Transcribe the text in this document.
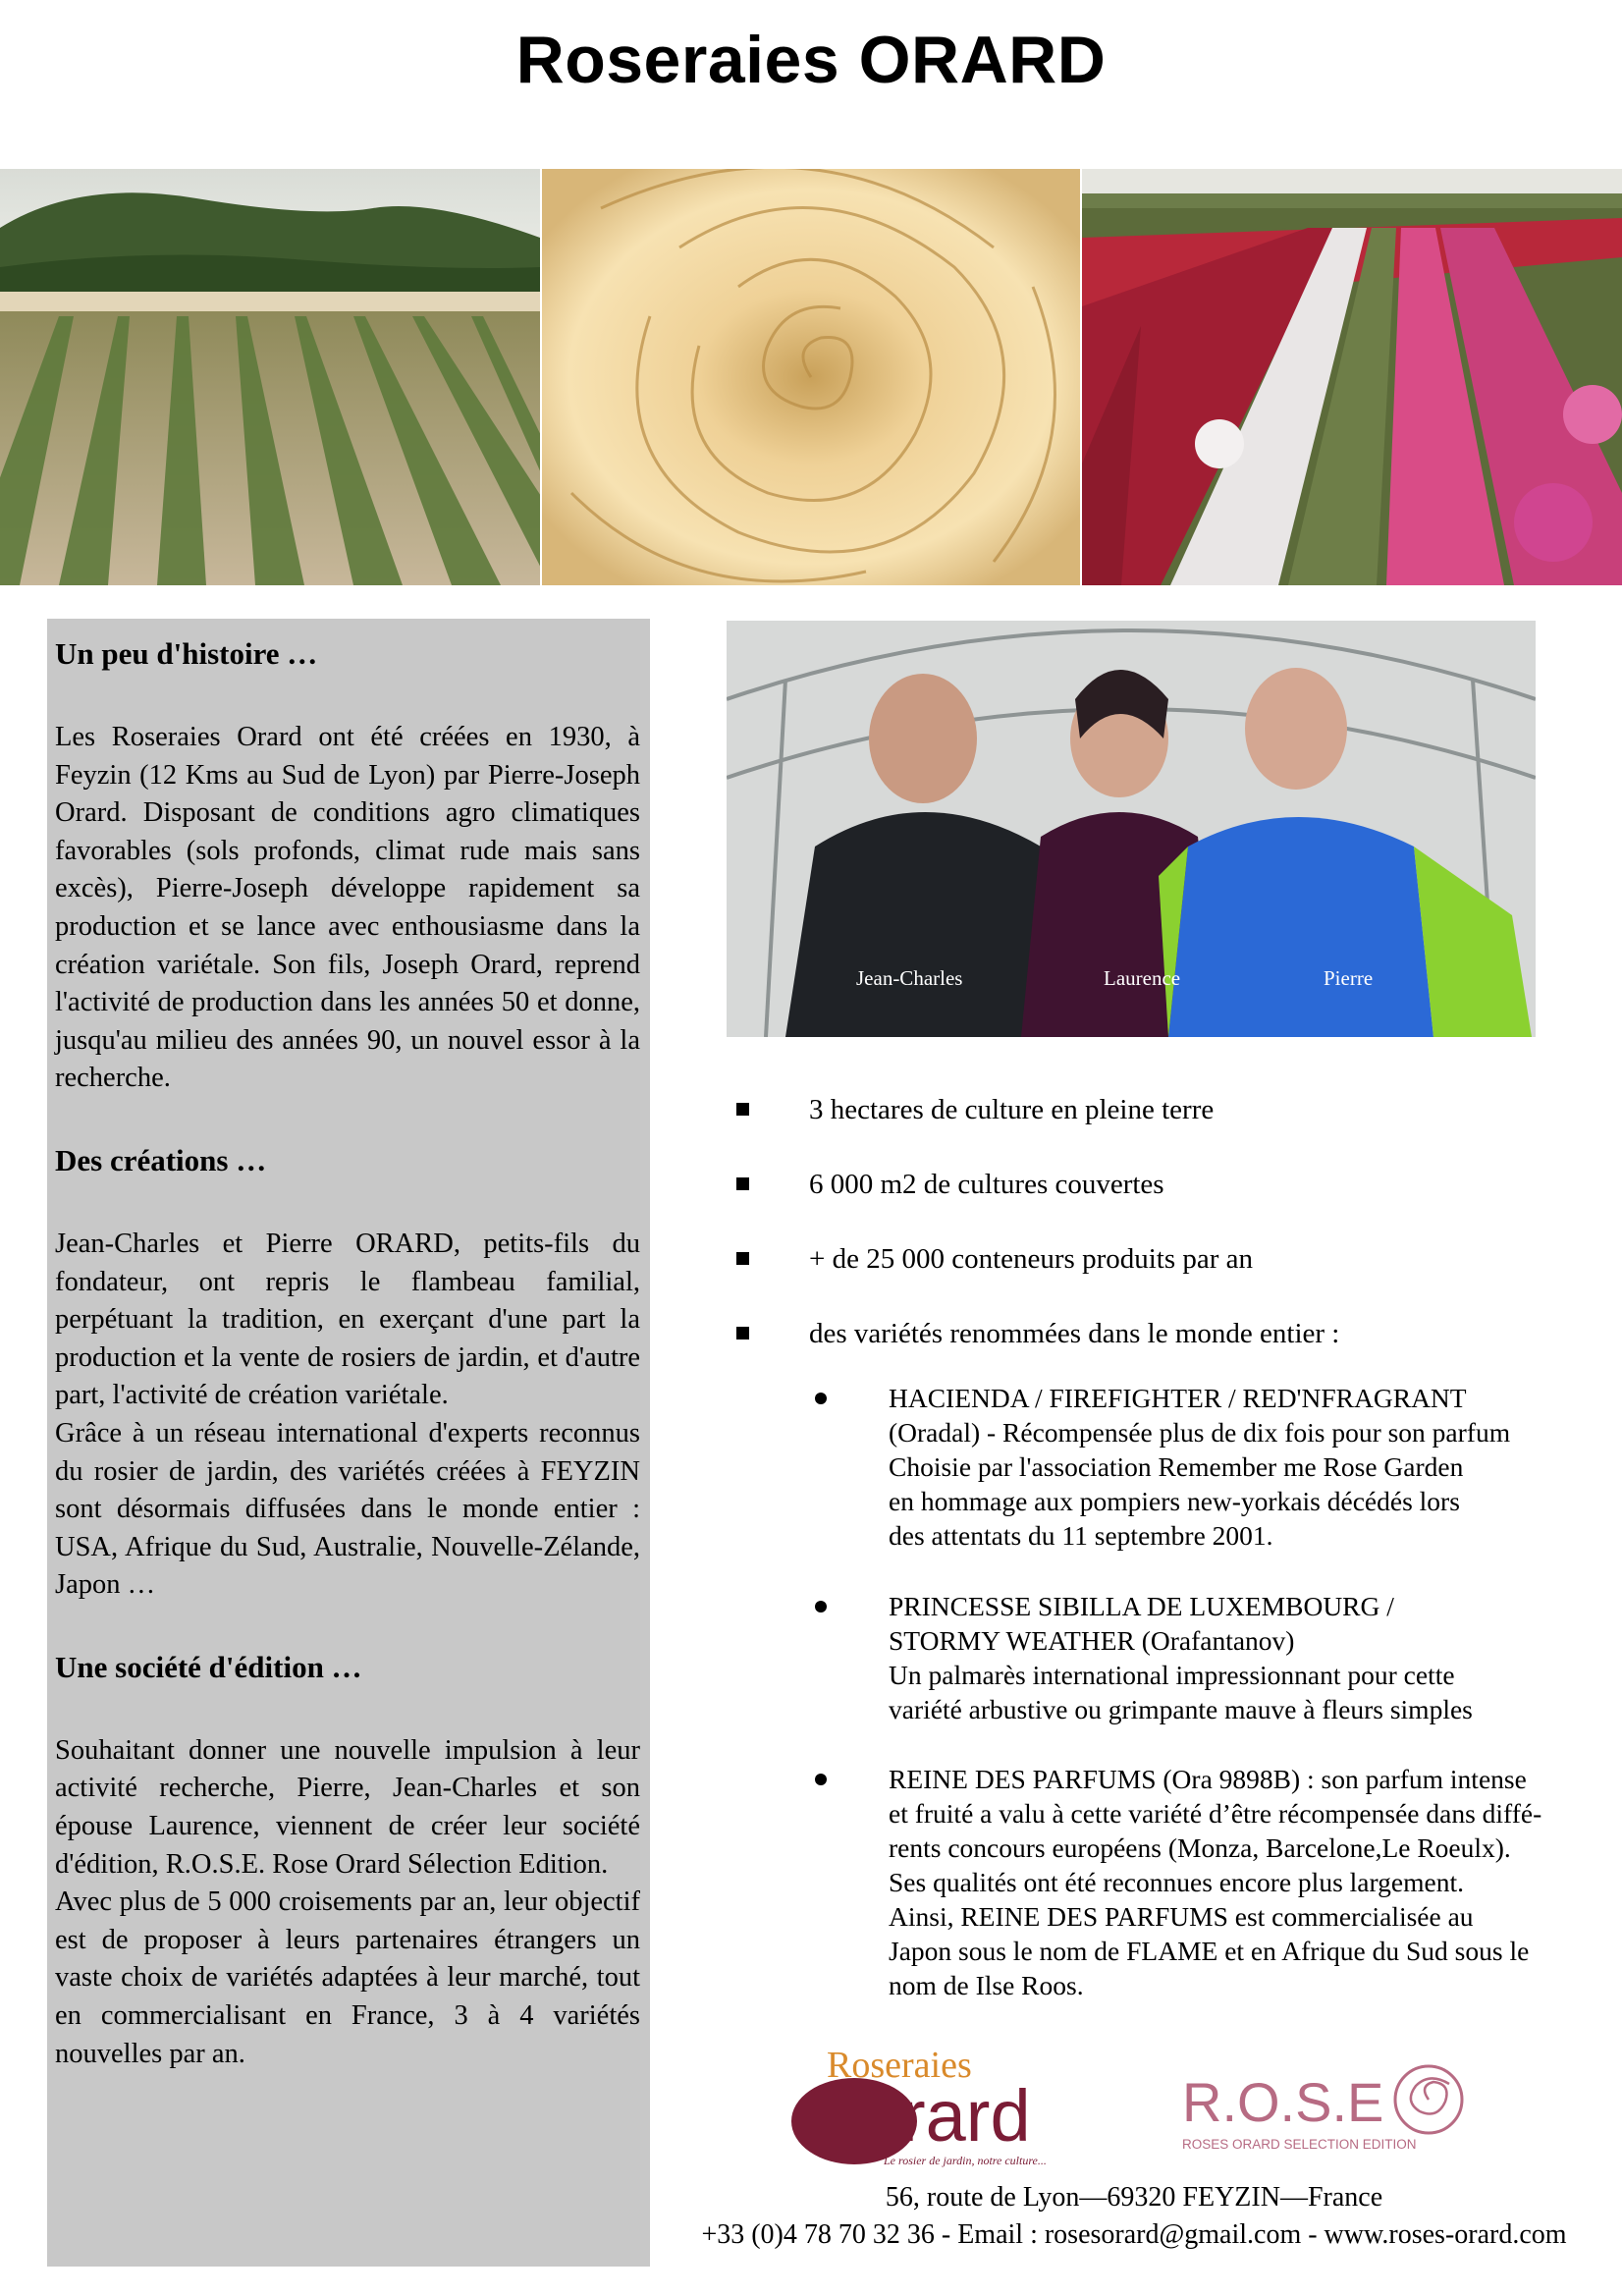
Roseraies ORARD
Un peu d'histoire …

Les Roseraies Orard ont été créées en 1930, à Feyzin (12 Kms au Sud de Lyon) par Pierre-Joseph Orard. Disposant de conditions agro climatiques favorables (sols profonds, climat rude mais sans excès), Pierre-Joseph développe rapidement sa production et se lance avec enthousiasme dans la création variétale. Son fils, Joseph Orard, reprend l'activité de production dans les années 50 et donne, jusqu'au milieu des années 90, un nouvel essor à la recherche.

Des créations …

Jean-Charles et Pierre ORARD, petits-fils du fondateur, ont repris le flambeau familial, perpétuant la tradition, en exerçant d'une part la production et la vente de rosiers de jardin, et d'autre part, l'activité de création variétale.

Grâce à un réseau international d'experts reconnus du rosier de jardin, des variétés créées à FEYZIN sont désormais diffusées dans le monde entier : USA, Afrique du Sud, Australie, Nouvelle-Zélande, Japon …

Une société d'édition …

Souhaitant donner une nouvelle impulsion à leur activité recherche, Pierre, Jean-Charles et son épouse Laurence, viennent de créer leur société d'édition, R.O.S.E. Rose Orard Sélection Edition.

Avec plus de 5 000 croisements par an, leur objectif est de proposer à leurs partenaires étrangers un vaste choix de variétés adaptées à leur marché, tout en commercialisant en France, 3 à 4 variétés nouvelles par an.

Jean-Charles	Laurence	Pierre
3 hectares de culture en pleine terre
6 000 m2 de cultures couvertes
+ de 25 000 conteneurs produits par an
des variétés renommées dans le monde entier :
HACIENDA / FIREFIGHTER / RED'NFRAGRANT
(Oradal) - Récompensée plus de dix fois pour son parfum
Choisie par l'association Remember me Rose Garden
en hommage aux pompiers new-yorkais décédés lors
des attentats du 11 septembre 2001.
PRINCESSE SIBILLA DE LUXEMBOURG /
STORMY WEATHER (Orafantanov)
Un palmarès international impressionnant pour cette
variété arbustive ou grimpante mauve à fleurs simples
REINE DES PARFUMS (Ora 9898B) : son parfum intense
et fruité a valu à cette variété d’être récompensée dans diffé-
rents concours européens (Monza, Barcelone,Le Roeulx).
Ses qualités ont été reconnues encore plus largement.
Ainsi, REINE DES PARFUMS est commercialisée au
Japon sous le nom de FLAME et en Afrique du Sud sous le
nom de Ilse Roos.
Roseraies
rard
Le rosier de jardin, notre culture...
R.O.S.E
ROSES ORARD SELECTION EDITION
56, route de Lyon—69320 FEYZIN—France
+33 (0)4 78 70 32 36 - Email : rosesorard@gmail.com - www.roses-orard.com
